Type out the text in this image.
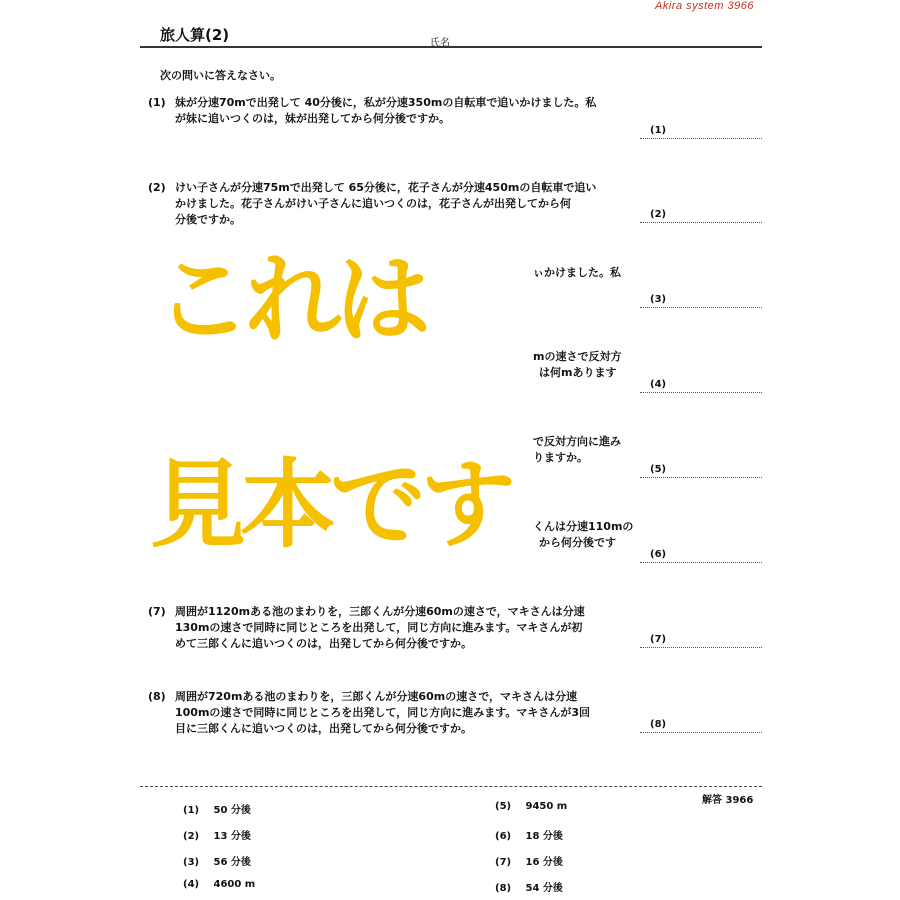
Akira system 3966
旅人算(2)	氏名
次の問いに答えなさい。
(1) 妹が分速70mで出発して 40分後に，私が分速350mの自転車で追いかけました。私
が妹に追いつくのは，妹が出発してから何分後ですか。
(2) けい子さんが分速75mで出発して 65分後に，花子さんが分速450mの自転車で追い
かけました。花子さんがけい子さんに追いつくのは，花子さんが出発してから何
分後ですか。
ぃかけました。私
mの速さで反対方
は何mあります
で反対方向に進み
りますか。
くんは分速110mの
から何分後です
(7) 周囲が1120mある池のまわりを，三郎くんが分速60mの速さで，マキさんは分速
130mの速さで同時に同じところを出発して，同じ方向に進みます。マキさんが初
めて三郎くんに追いつくのは，出発してから何分後ですか。
(8) 周囲が720mある池のまわりを，三郎くんが分速60mの速さで，マキさんは分速
100mの速さで同時に同じところを出発して，同じ方向に進みます。マキさんが3回
目に三郎くんに追いつくのは，出発してから何分後ですか。
(1)
(2)
(3)
(4)
(5)
(6)
(7)
(8)
これは
見本です
解答 3966
(1) 50 分後
(2) 13 分後
(3) 56 分後
(4) 4600 m
(5) 9450 m
(6) 18 分後
(7) 16 分後
(8) 54 分後
